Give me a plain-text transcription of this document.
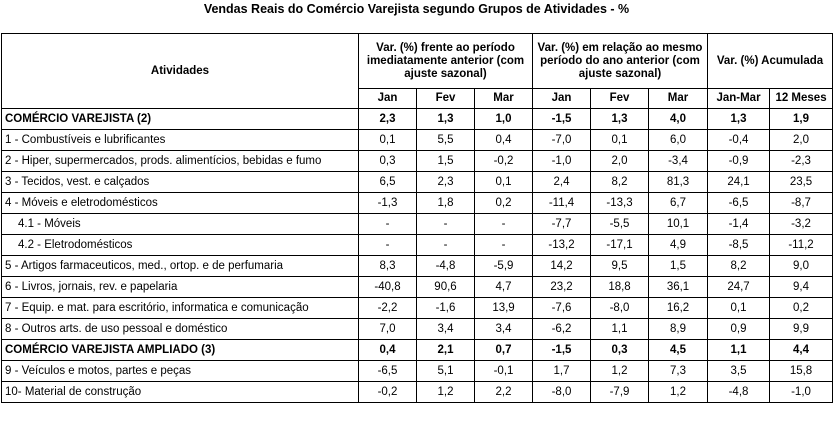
Vendas Reais do Comércio Varejista segundo Grupos de Atividades - %
Atividades	Var. (%) frente ao período imediatamente anterior (com ajuste sazonal)			Var. (%) em relação ao mesmo período do ano anterior (com ajuste sazonal)			Var. (%) Acumulada	
	Jan	Fev	Mar	Jan	Fev	Mar	Jan-Mar	12 Meses
COMÉRCIO VAREJISTA (2)	2,3	1,3	1,0	-1,5	1,3	4,0	1,3	1,9
1 - Combustíveis e lubrificantes	0,1	5,5	0,4	-7,0	0,1	6,0	-0,4	2,0
2 - Hiper, supermercados, prods. alimentícios, bebidas e fumo	0,3	1,5	-0,2	-1,0	2,0	-3,4	-0,9	-2,3
3 - Tecidos, vest. e calçados	6,5	2,3	0,1	2,4	8,2	81,3	24,1	23,5
4 - Móveis e eletrodomésticos	-1,3	1,8	0,2	-11,4	-13,3	6,7	-6,5	-8,7
4.1 - Móveis	-	-	-	-7,7	-5,5	10,1	-1,4	-3,2
4.2 - Eletrodomésticos	-	-	-	-13,2	-17,1	4,9	-8,5	-11,2
5 - Artigos farmaceuticos, med., ortop. e de perfumaria	8,3	-4,8	-5,9	14,2	9,5	1,5	8,2	9,0
6 - Livros, jornais, rev. e papelaria	-40,8	90,6	4,7	23,2	18,8	36,1	24,7	9,4
7 - Equip. e mat. para escritório, informatica e comunicação	-2,2	-1,6	13,9	-7,6	-8,0	16,2	0,1	0,2
8 - Outros arts. de uso pessoal e doméstico	7,0	3,4	3,4	-6,2	1,1	8,9	0,9	9,9
COMÉRCIO VAREJISTA AMPLIADO (3)	0,4	2,1	0,7	-1,5	0,3	4,5	1,1	4,4
9 - Veículos e motos, partes e peças	-6,5	5,1	-0,1	1,7	1,2	7,3	3,5	15,8
10- Material de construção	-0,2	1,2	2,2	-8,0	-7,9	1,2	-4,8	-1,0
